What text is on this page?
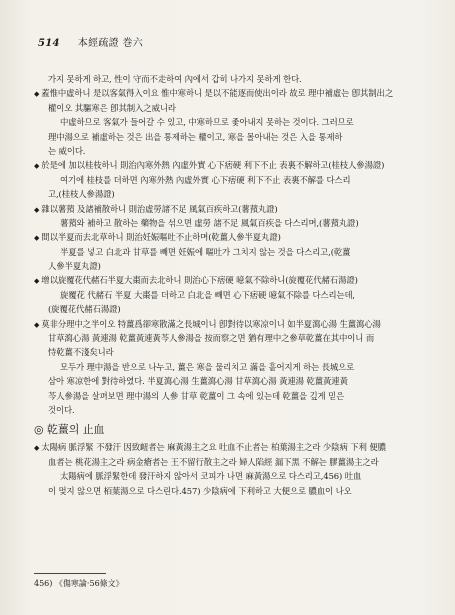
514 本經疏證 巻六
가지 못하게 하고, 性이 守而不走하여 內에서 갑히 나가지 못하게 한다.
◆ 蓋惟中虛하니 是以客氣得入이요 惟中寒하니 是以不能逐而使出이라 故로 理中補虛는 卽其制出之
權이오 其驅寒은 卽其制入之威니라
中虛하므로 客氣가 들어갈 수 있고, 中寒하므로 좇아내지 못하는 것이다. 그러므로
理中湯으로 補虛하는 것은 出을 통제하는 權이고, 寒을 몰아내는 것은 入을 통제하
는 威이다.
◆ 於是에 加以桂枝하니 則治內寒外熱 內虛外實 心下痞硬 利下不止 表裏不解하고(桂枝人參湯證)
여기에 桂枝를 더하면 內寒外熱 內虛外實 心下痞硬 利下不止 表裏不解를 다스리
고,(桂枝人參湯證)
◆ 雜以薯蕷 及諸補散하니 則治虛勞諸不足 風氣百疾하고(薯蕷丸證)
薯蕷와 補하고 散하는 藥物을 섞으면 虛勞 諸不足 風氣百疾을 다스리며,(薯蕷丸證)
◆ 間以半夏而去北草하니 則治妊娠嘔吐不止하며(乾薑人參半夏丸證)
半夏를 넣고 白北과 甘草를 빼면 妊娠에 嘔吐가 그치지 않는 것을 다스리고,(乾薑
人參半夏丸證)
◆ 增以旋覆花代赭石半夏大棗而去北하니 則治心下痞硬 噫氣不除하니(旋覆花代赭石湯證)
旋覆花 代赭石 半夏 大棗를 더하고 白北을 빼면 心下痞硬 噫氣不除를 다스리는데,
(旋覆花代赭石湯證)
◆ 莫非分理中之半이오 特薑爲卻寒散滿之長城이니 卽對待以寒凉이니 如半夏瀉心湯 生薑瀉心湯
甘草瀉心湯 黃連湯 乾薑黃連黃芩人參湯을 按而察之면 猶有理中之參草乾薑在其中이니 而
恃乾薑不淺矣니라
모두가 理中湯을 반으로 나누고, 薑은 寒을 물리치고 滿을 흩어지게 하는 長城으로
삼아 寒凉한에 對待하였다. 半夏瀉心湯 生薑瀉心湯 甘草瀉心湯 黃連湯 乾薑黃連黃
芩人參湯을 살펴보면 理中湯의 人參 甘草 乾薑이 그 속에 있는데 乾薑을 깊게 믿은
것이다.
◎ 乾薑의 止血
◆ 太陽病 脈浮緊 不發汗 因致衄者는 麻黃湯主之요 吐血不止者는 柏葉湯主之라 少陰病 下利 便膿
血者는 桃花湯主之라 病金瘡者는 王不留行散主之라 婦人陷經 漏下黑 不解는 膠薑湯主之라
太陽病에 脈浮緊한데 發汗하지 않아서 코피가 나면 麻黃湯으로 다스리고,456) 吐血
이 멎지 않으면 栢葉湯으로 다스린다.457) 少陰病에 下利하고 大便으로 膿血이 나오
456) 《傷寒論·56條文》
